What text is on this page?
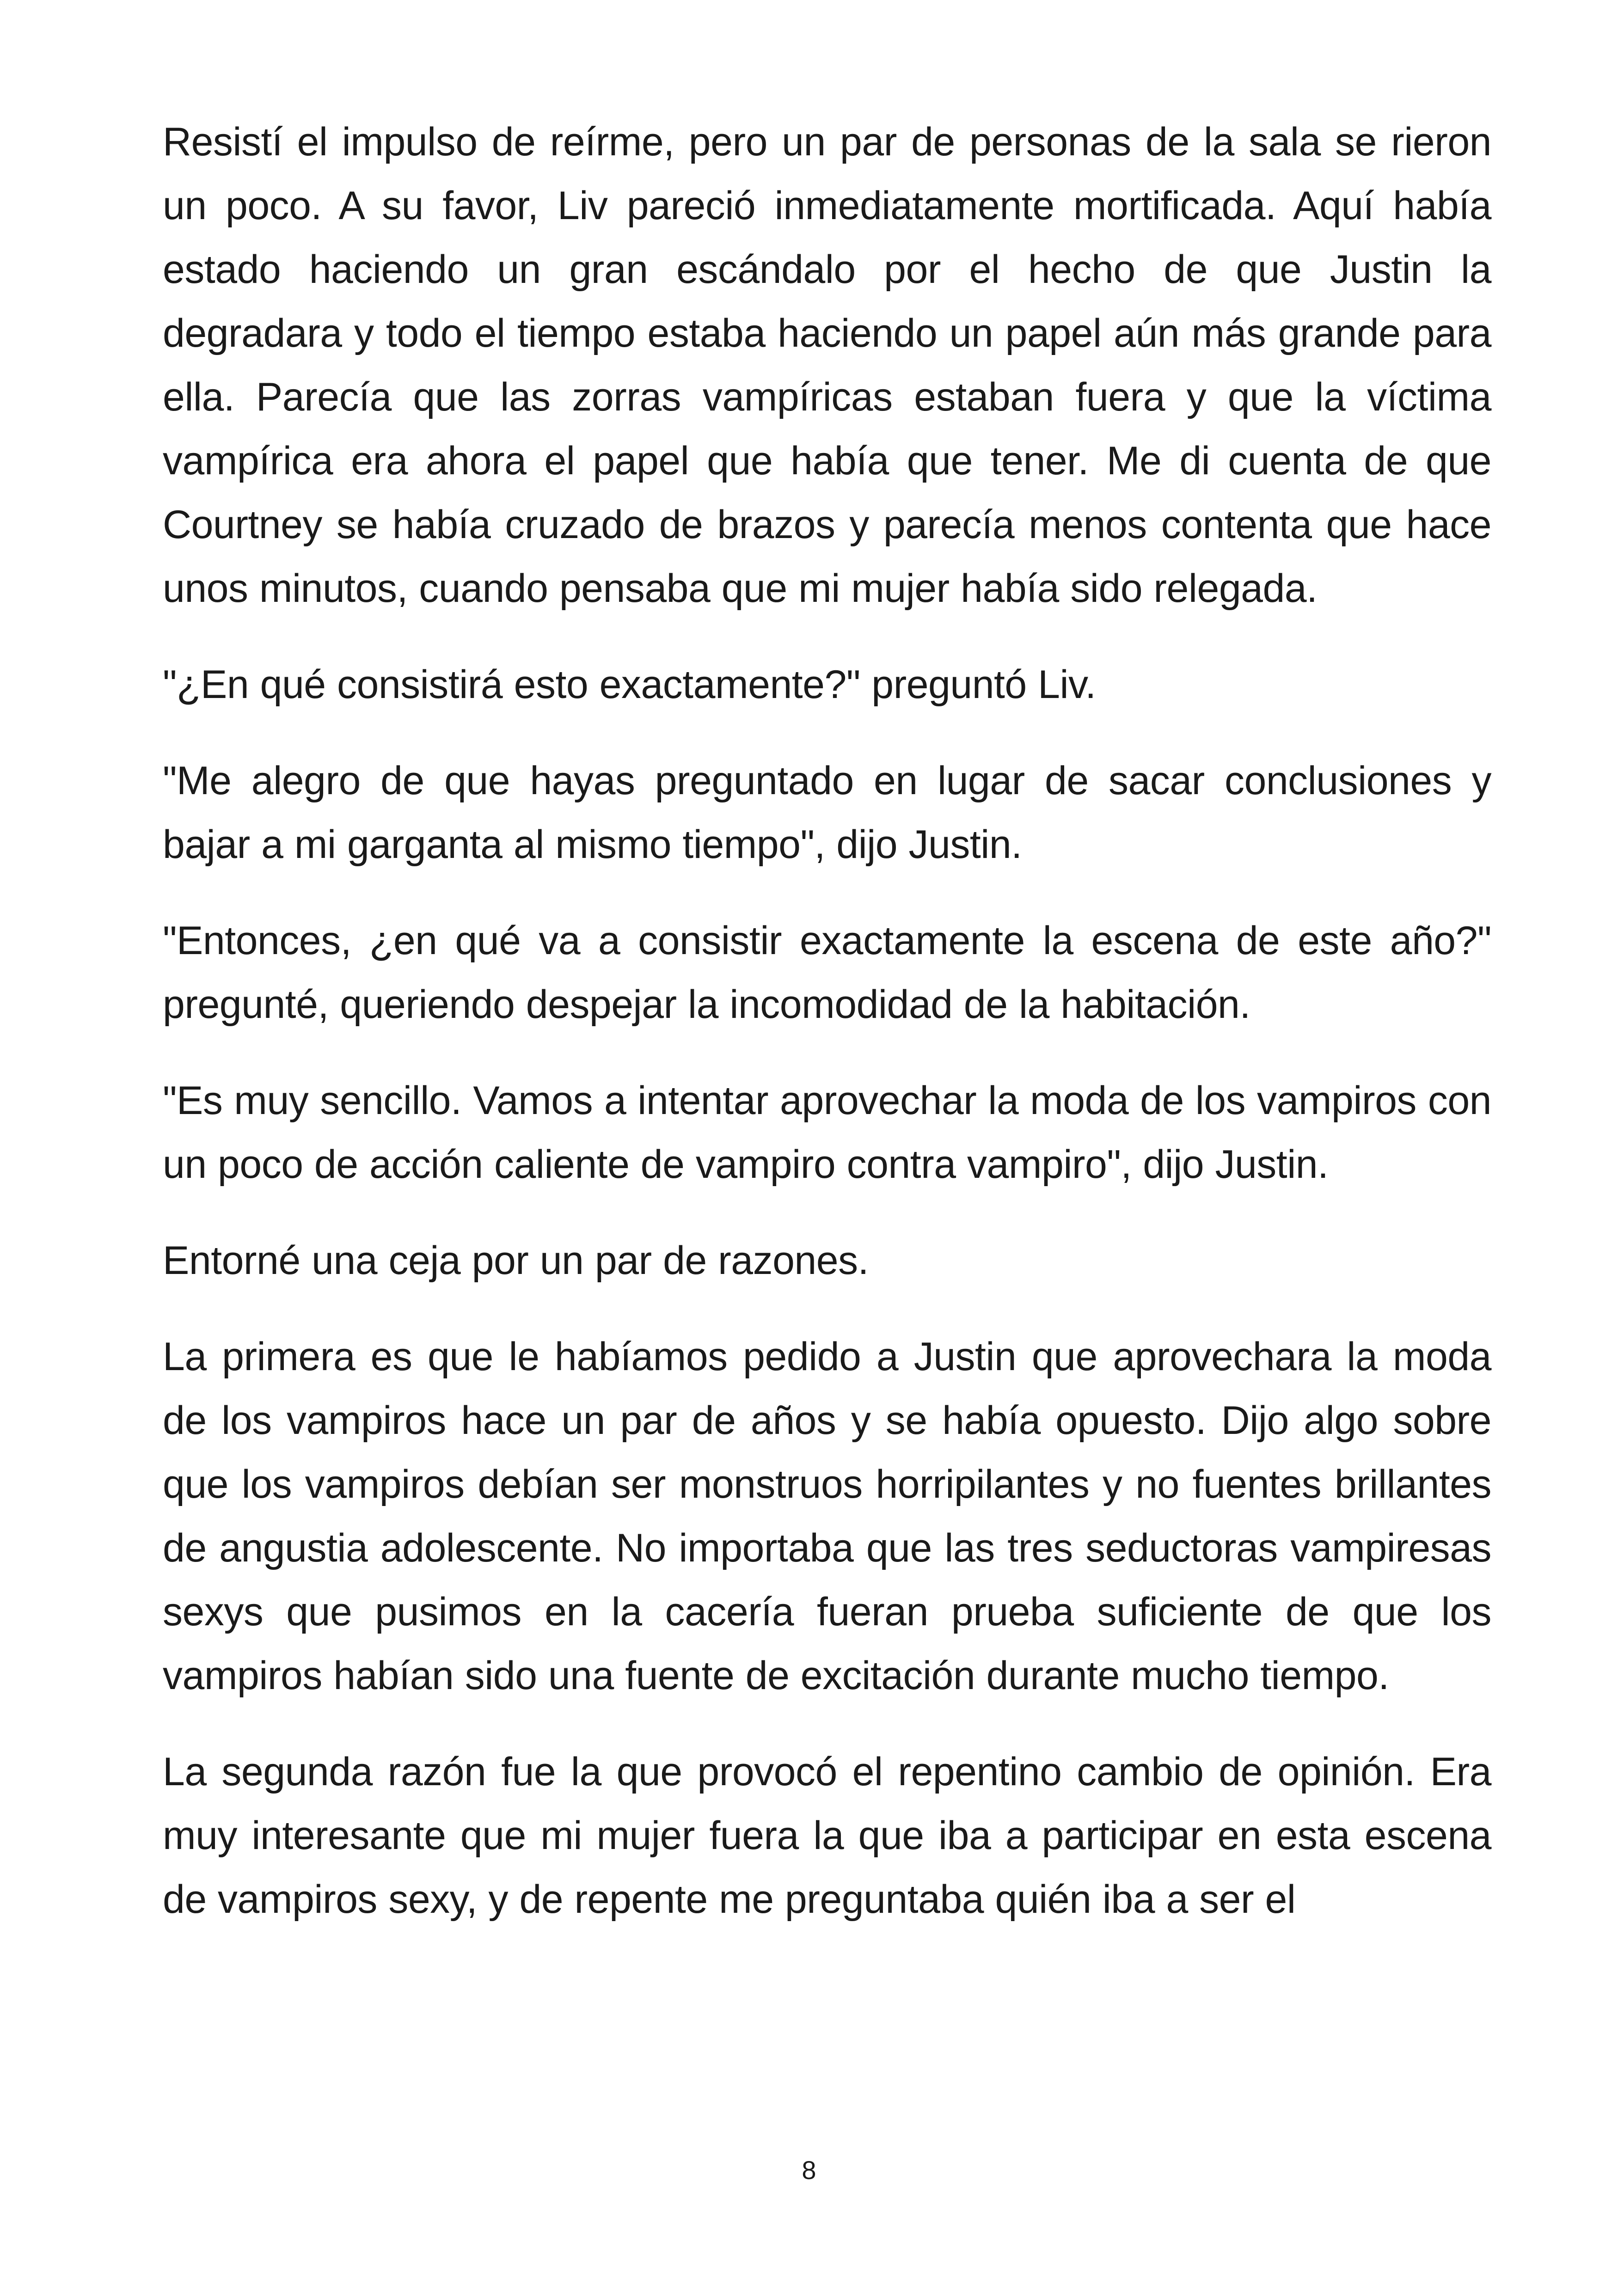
Resistí el impulso de reírme, pero un par de personas de la sala se rieron un poco. A su favor, Liv pareció inmediatamente mortificada. Aquí había estado haciendo un gran escándalo por el hecho de que Justin la degradara y todo el tiempo estaba haciendo un papel aún más grande para ella. Parecía que las zorras vampíricas estaban fuera y que la víctima vampírica era ahora el papel que había que tener. Me di cuenta de que Courtney se había cruzado de brazos y parecía menos contenta que hace unos minutos, cuando pensaba que mi mujer había sido relegada.

"¿En qué consistirá esto exactamente?" preguntó Liv.

"Me alegro de que hayas preguntado en lugar de sacar conclusiones y bajar a mi garganta al mismo tiempo", dijo Justin.

"Entonces, ¿en qué va a consistir exactamente la escena de este año?" pregunté, queriendo despejar la incomodidad de la habitación.

"Es muy sencillo. Vamos a intentar aprovechar la moda de los vampiros con un poco de acción caliente de vampiro contra vampiro", dijo Justin.

Entorné una ceja por un par de razones.

La primera es que le habíamos pedido a Justin que aprovechara la moda de los vampiros hace un par de años y se había opuesto. Dijo algo sobre que los vampiros debían ser monstruos horripilantes y no fuentes brillantes de angustia adolescente. No importaba que las tres seductoras vampiresas sexys que pusimos en la cacería fueran prueba suficiente de que los vampiros habían sido una fuente de excitación durante mucho tiempo.

La segunda razón fue la que provocó el repentino cambio de opinión. Era muy interesante que mi mujer fuera la que iba a participar en esta escena de vampiros sexy, y de repente me preguntaba quién iba a ser el

8
